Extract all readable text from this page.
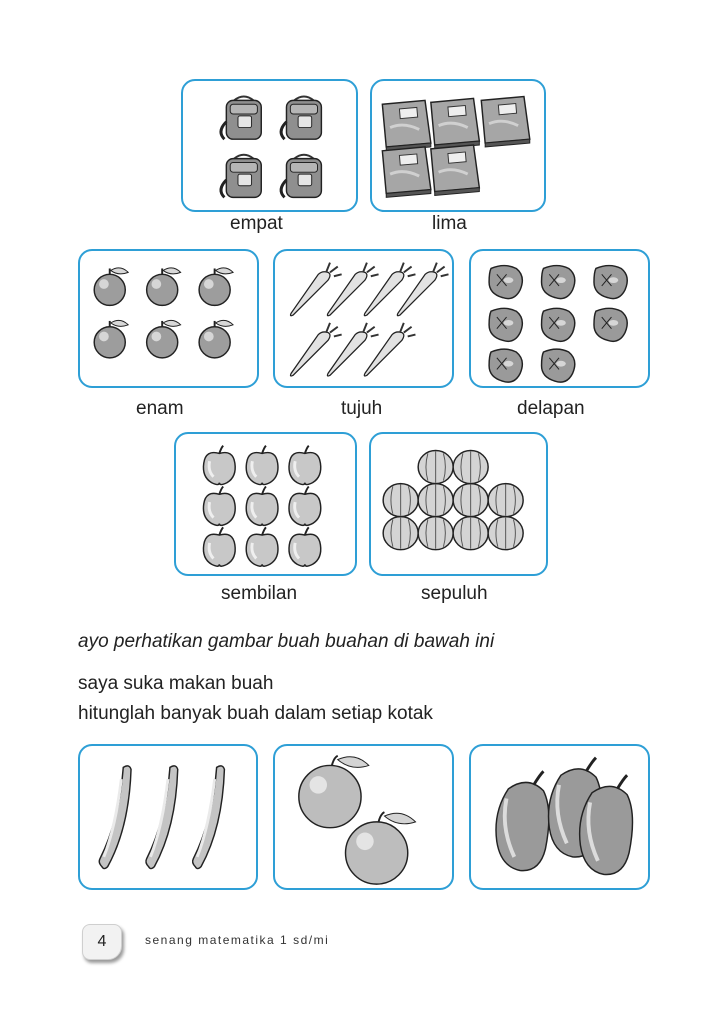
empat	lima
enam	tujuh	delapan
sembilan	sepuluh
ayo perhatikan gambar buah buahan di bawah ini
saya suka makan buah
hitunglah banyak buah dalam setiap kotak
4	senang matematika 1 sd/mi
